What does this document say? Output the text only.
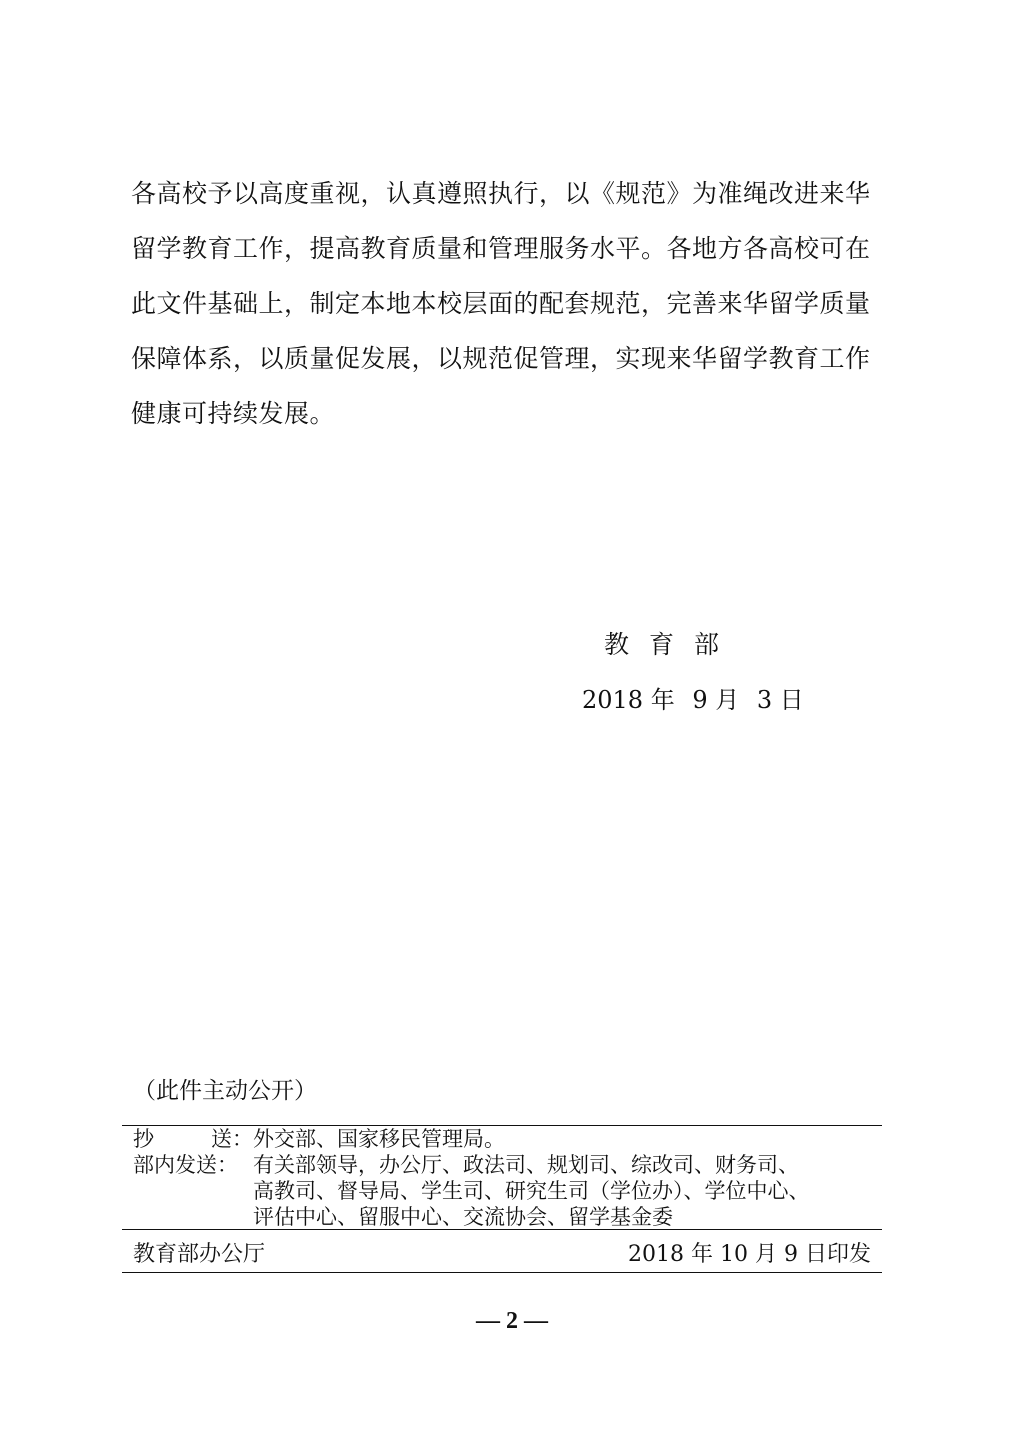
各高校予以高度重视，认真遵照执行，以《规范》为准绳改进来华
留学教育工作，提高教育质量和管理服务水平。各地方各高校可在
此文件基础上，制定本地本校层面的配套规范，完善来华留学质量
保障体系，以质量促发展，以规范促管理，实现来华留学教育工作
健康可持续发展。
教育部
2018 年 9 月 3 日
（此件主动公开）
抄	送： 外交部、国家移民管理局。
部内发送： 有关部领导，办公厅、政法司、规划司、综改司、财务司、
高教司、督导局、学生司、研究生司（学位办）、学位中心、
评估中心、留服中心、交流协会、留学基金委
教育部办公厅	2018 年 10 月 9 日印发
— 2 —
